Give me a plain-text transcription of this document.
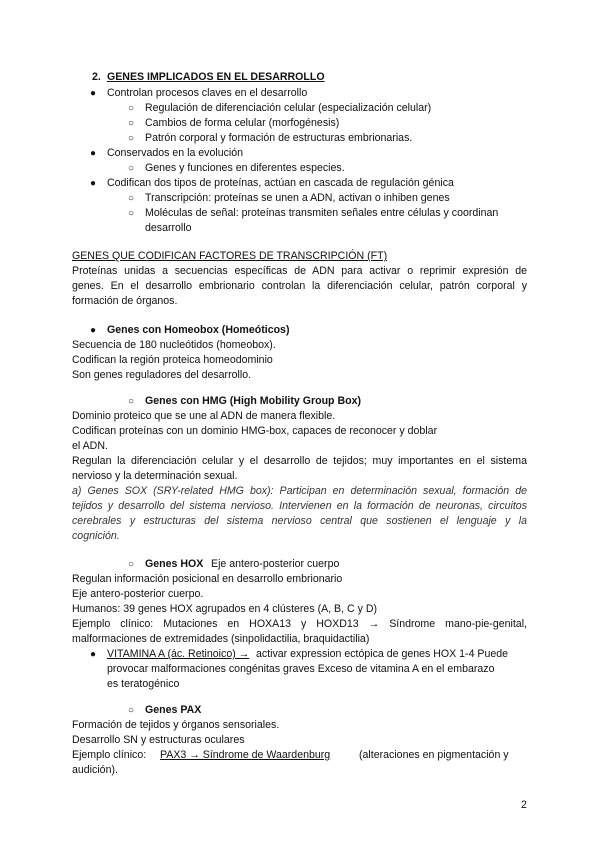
2. GENES IMPLICADOS EN EL DESARROLLO
● Controlan procesos claves en el desarrollo
○ Regulación de diferenciación celular (especialización celular)
○ Cambios de forma celular (morfogénesis)
○ Patrón corporal y formación de estructuras embrionarias.
● Conservados en la evolución
○ Genes y funciones en diferentes especies.
● Codifican dos tipos de proteínas, actúan en cascada de regulación génica
○ Transcripción: proteínas se unen a ADN, activan o inhiben genes
○ Moléculas de señal: proteínas transmiten señales entre células y coordinan
desarrollo
GENES QUE CODIFICAN FACTORES DE TRANSCRIPCIÓN (FT)
Proteínas unidas a secuencias específicas de ADN para activar o reprimir expresión de
genes. En el desarrollo embrionario controlan la diferenciación celular, patrón corporal y
formación de órganos.
● Genes con Homeobox (Homeóticos)
Secuencia de 180 nucleótidos (homeobox).
Codifican la región proteica homeodominio
Son genes reguladores del desarrollo.
○ Genes con HMG (High Mobility Group Box)
Dominio proteico que se une al ADN de manera flexible.
Codifican proteínas con un dominio HMG-box, capaces de reconocer y doblar
el ADN.
Regulan la diferenciación celular y el desarrollo de tejidos; muy importantes en el sistema
nervioso y la determinación sexual.
a) Genes SOX (SRY-related HMG box): Participan en determinación sexual, formación de
tejidos y desarrollo del sistema nervioso. Intervienen en la formación de neuronas, circuitos
cerebrales y estructuras del sistema nervioso central que sostienen el lenguaje y la
cognición.
○ Genes HOX Eje antero-posterior cuerpo
Regulan información posicional en desarrollo embrionario
Eje antero-posterior cuerpo.
Humanos: 39 genes HOX agrupados en 4 clústeres (A, B, C y D)
Ejemplo clínico: Mutaciones en HOXA13 y HOXD13 → Síndrome mano-pie-genital,
malformaciones de extremidades (sinpolidactilia, braquidactilia)
● VITAMINA A (ác. Retinoico) → activar expression ectópica de genes HOX 1-4 Puede
provocar malformaciones congénitas graves Exceso de vitamina A en el embarazo
es teratogénico
○ Genes PAX
Formación de tejidos y órganos sensoriales.
Desarrollo SN y estructuras oculares
Ejemplo clínico: PAX3 → Síndrome de Waardenburg	(alteraciones en pigmentación y
audición).
2
